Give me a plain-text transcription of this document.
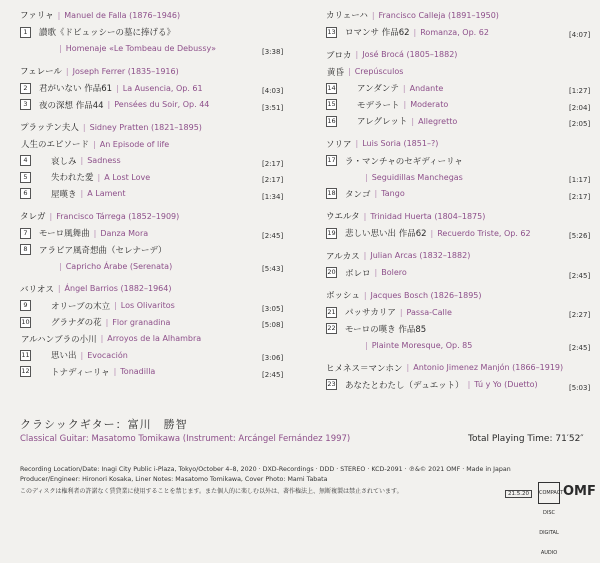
ファリャ | Manuel de Falla (1876–1946)
1	讃歌《ドビュッシーの墓に捧げる》
| Homenaje «Le Tombeau de Debussy»	[3:38]
フェレール | Joseph Ferrer (1835–1916)
2	君がいない 作品61 | La Ausencia, Op. 61	[4:03]
3	夜の深想 作品44 | Pensées du Soir, Op. 44	[3:51]
プラッテン夫人 | Sidney Pratten (1821–1895)
人生のエピソード | An Episode of life
4	哀しみ | Sadness	[2:17]
5	失われた愛 | A Lost Love	[2:17]
6	屋嘆き | A Lament	[1:34]
タレガ | Francisco Tárrega (1852–1909)
7	モーロ風舞曲 | Danza Mora	[2:45]
8	アラビア風奇想曲（セレナーデ）
| Capricho Árabe (Serenata)	[5:43]
バリオス | Ángel Barrios (1882–1964)
9	オリーブの木立 | Los Olivaritos	[3:05]
10	グラナダの花 | Flor granadina	[5:08]
アルハンブラの小川 | Arroyos de la Alhambra
11	思い出 | Evocación	[3:06]
12	トナディーリャ | Tonadilla	[2:45]
カリェーハ | Francisco Calleja (1891–1950)
13 ロマンサ 作品62 | Romanza, Op. 62	[4:07]
ブロカ | José Brocá (1805–1882)
黄昏 | Crepúsculos
14	アンダンテ | Andante	[1:27]
15	モデラート | Moderato	[2:04]
16	アレグレット | Allegretto	[2:05]
ソリア | Luis Soria (1851–?)
17 ラ・マンチャのセギディーリャ
| Seguidillas Manchegas	[1:17]
18 タンゴ | Tango	[2:17]
ウエルタ | Trinidad Huerta (1804–1875)
19 悲しい思い出 作品62 | Recuerdo Triste, Op. 62	[5:26]
アルカス | Julian Arcas (1832–1882)
20 ボレロ | Bolero	[2:45]
ボッシュ | Jacques Bosch (1826–1895)
21 パッサカリア | Passa-Calle	[2:27]
22 モーロの嘆き 作品85
| Plainte Moresque, Op. 85	[2:45]
ヒメネス＝マンホン | Antonio Jimenez Manjón (1866–1919)
23 あなたとわたし（デュエット） | Tú y Yo (Duetto)	[5:03]
クラシックギター：富川　勝智
Classical Guitar: Masatomo Tomikawa (Instrument: Arcángel Fernández 1997)	Total Playing Time: 71′52″
Recording Location/Date: Inagi City Public i-Plaza, Tokyo/October 4–8, 2020 · DXD-Recordings · DDD · STEREO · KCD-2091 · ℗&© 2021 OMF · Made in Japan
Producer/Engineer: Hironori Kosaka, Liner Notes: Masatomo Tomikawa, Cover Photo: Mami Tabata
このディスクは権利者の許諾なく賃貸業に使用することを禁じます。また個人的に楽しむ以外は、著作権法上、無断複製は禁止されています。	21.5.20	COMPACT DISC DIGITAL AUDIO
OMF
